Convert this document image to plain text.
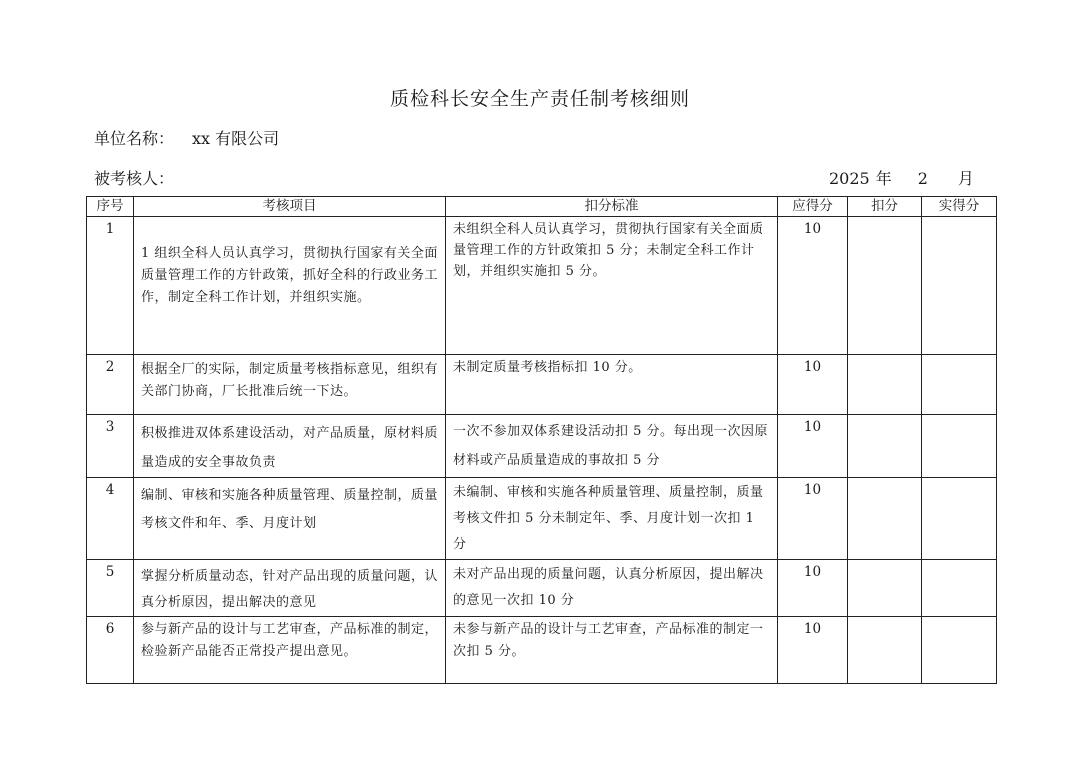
质检科长安全生产责任制考核细则
单位名称： xx 有限公司
被考核人：	2025 年 2 月
序号	考核项目	扣分标准	应得分	扣分	实得分
1	1 组织全科人员认真学习，贯彻执行国家有关全面质量管理工作的方针政策，抓好全科的行政业务工作，制定全科工作计划，并组织实施。	未组织全科人员认真学习，贯彻执行国家有关全面质量管理工作的方针政策扣 5 分；未制定全科工作计划，并组织实施扣 5 分。	10		
2	根据全厂的实际，制定质量考核指标意见，组织有关部门协商，厂长批准后统一下达。	未制定质量考核指标扣 10 分。	10		
3	积极推进双体系建设活动，对产品质量，原材料质量造成的安全事故负责	一次不参加双体系建设活动扣 5 分。每出现一次因原材料或产品质量造成的事故扣 5 分	10		
4	编制、审核和实施各种质量管理、质量控制，质量考核文件和年、季、月度计划	未编制、审核和实施各种质量管理、质量控制，质量考核文件扣 5 分未制定年、季、月度计划一次扣 1 分	10		
5	掌握分析质量动态，针对产品出现的质量问题，认真分析原因，提出解决的意见	未对产品出现的质量问题，认真分析原因，提出解决的意见一次扣 10 分	10		
6	参与新产品的设计与工艺审查，产品标准的制定，检验新产品能否正常投产提出意见。	未参与新产品的设计与工艺审查，产品标准的制定一次扣 5 分。	10		
